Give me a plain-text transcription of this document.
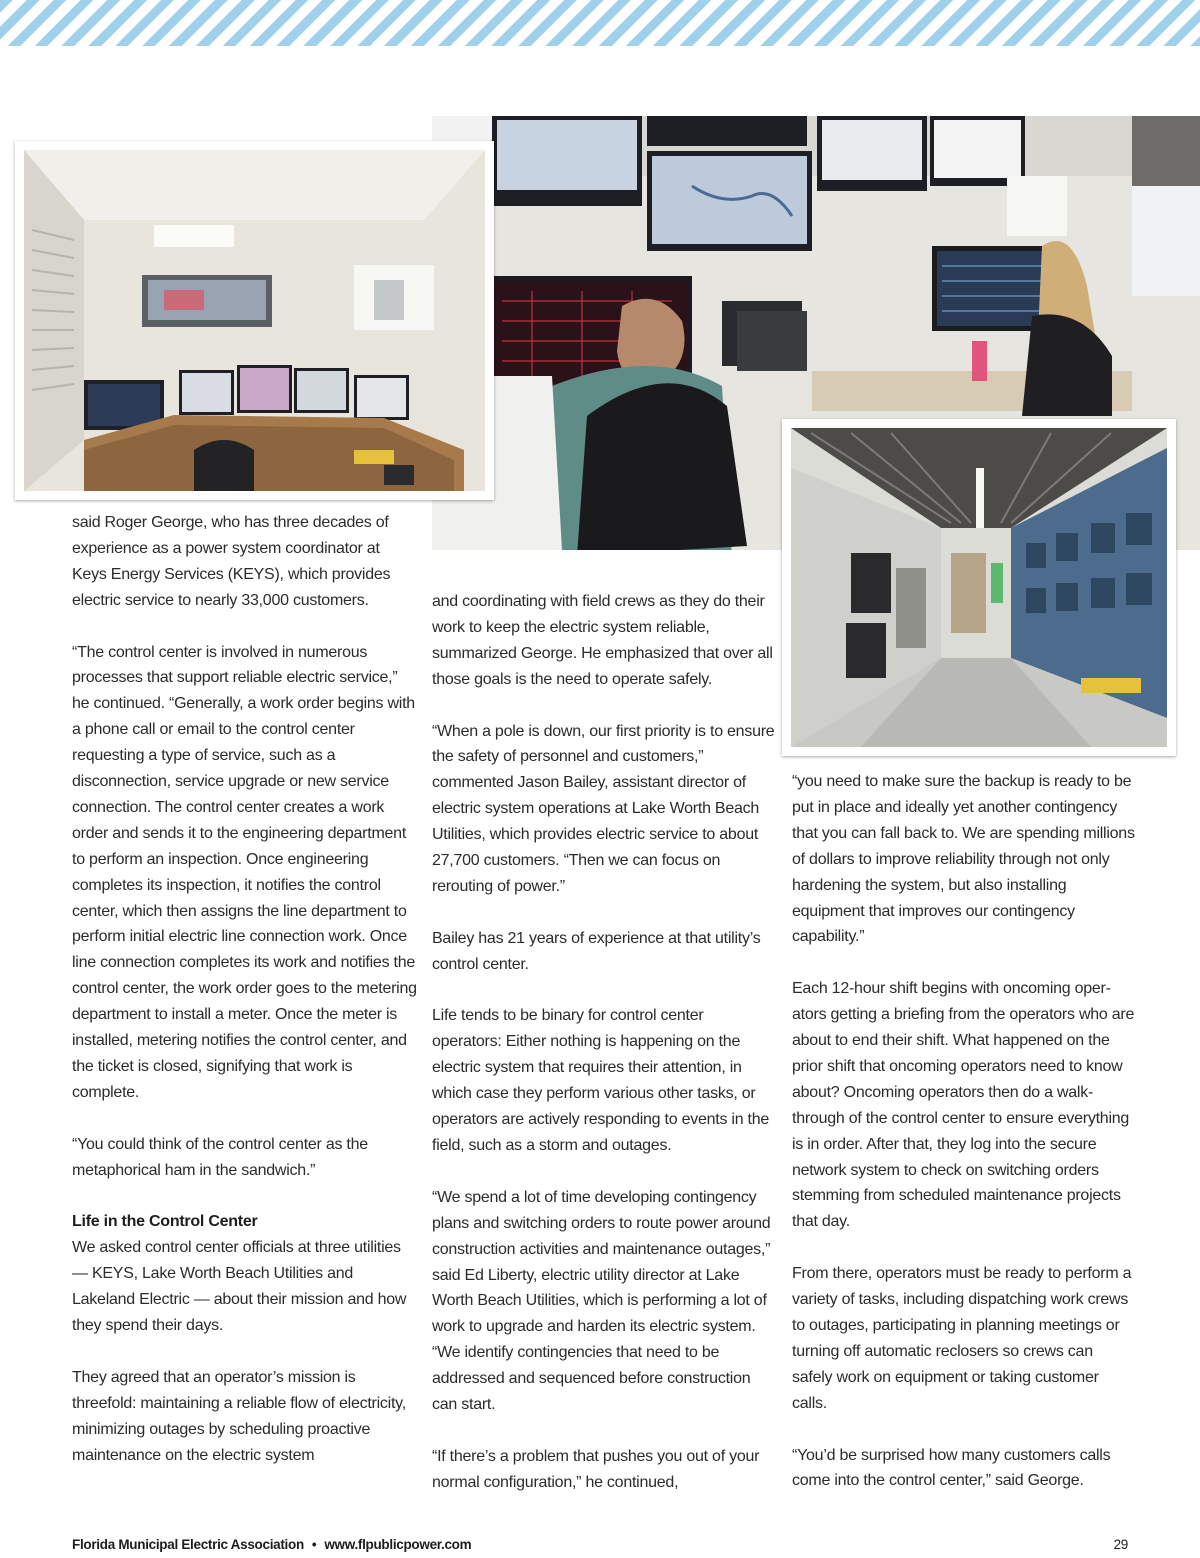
said Roger George, who has three decades of experience as a power system coordinator at Keys Energy Services (KEYS), which provides electric service to nearly 33,000 customers.

“The control center is involved in numerous processes that support reliable electric service,” he continued. “Generally, a work order begins with a phone call or email to the control center requesting a type of service, such as a disconnection, service upgrade or new service connection. The control center creates a work order and sends it to the engineering department to perform an inspection. Once engineering completes its inspection, it notifies the control center, which then assigns the line department to perform initial electric line connection work. Once line connection completes its work and notifies the control center, the work order goes to the metering department to install a meter. Once the meter is installed, metering notifies the control center, and the ticket is closed, signifying that work is complete.

“You could think of the control center as the metaphorical ham in the sandwich.”

Life in the Control Center

We asked control center officials at three utilities — KEYS, Lake Worth Beach Utilities and Lakeland Electric — about their mission and how they spend their days.

They agreed that an operator’s mission is threefold: maintaining a reliable flow of electricity, minimizing outages by scheduling proactive maintenance on the electric system

and coordinating with field crews as they do their work to keep the electric system reliable, summarized George. He emphasized that over all those goals is the need to operate safely.

“When a pole is down, our first priority is to ensure the safety of personnel and customers,” commented Jason Bailey, assistant director of electric system operations at Lake Worth Beach Utilities, which provides electric service to about 27,700 customers. “Then we can focus on rerouting of power.”

Bailey has 21 years of experience at that utility’s control center.

Life tends to be binary for control center operators: Either nothing is happening on the electric system that requires their attention, in which case they perform various other tasks, or operators are actively responding to events in the field, such as a storm and outages.

“We spend a lot of time developing contingency plans and switching orders to route power around construction activities and maintenance outages,” said Ed Liberty, electric utility director at Lake Worth Beach Utilities, which is performing a lot of work to upgrade and harden its electric system. “We identify contingencies that need to be addressed and sequenced before construction can start.

“If there’s a problem that pushes you out of your normal configuration,” he continued,

“you need to make sure the backup is ready to be put in place and ideally yet another contingency that you can fall back to. We are spending millions of dollars to improve reliability through not only hardening the system, but also installing equipment that improves our contingency capability.”

Each 12-hour shift begins with oncoming operators getting a briefing from the operators who are about to end their shift. What happened on the prior shift that oncoming operators need to know about? Oncoming operators then do a walk-through of the control center to ensure everything is in order. After that, they log into the secure network system to check on switching orders stemming from scheduled maintenance projects that day.

From there, operators must be ready to perform a variety of tasks, including dispatching work crews to outages, participating in planning meetings or turning off automatic reclosers so crews can safely work on equipment or taking customer calls.

“You’d be surprised how many customers calls come into the control center,” said George.

Florida Municipal Electric Association • www.flpublicpower.com	29
